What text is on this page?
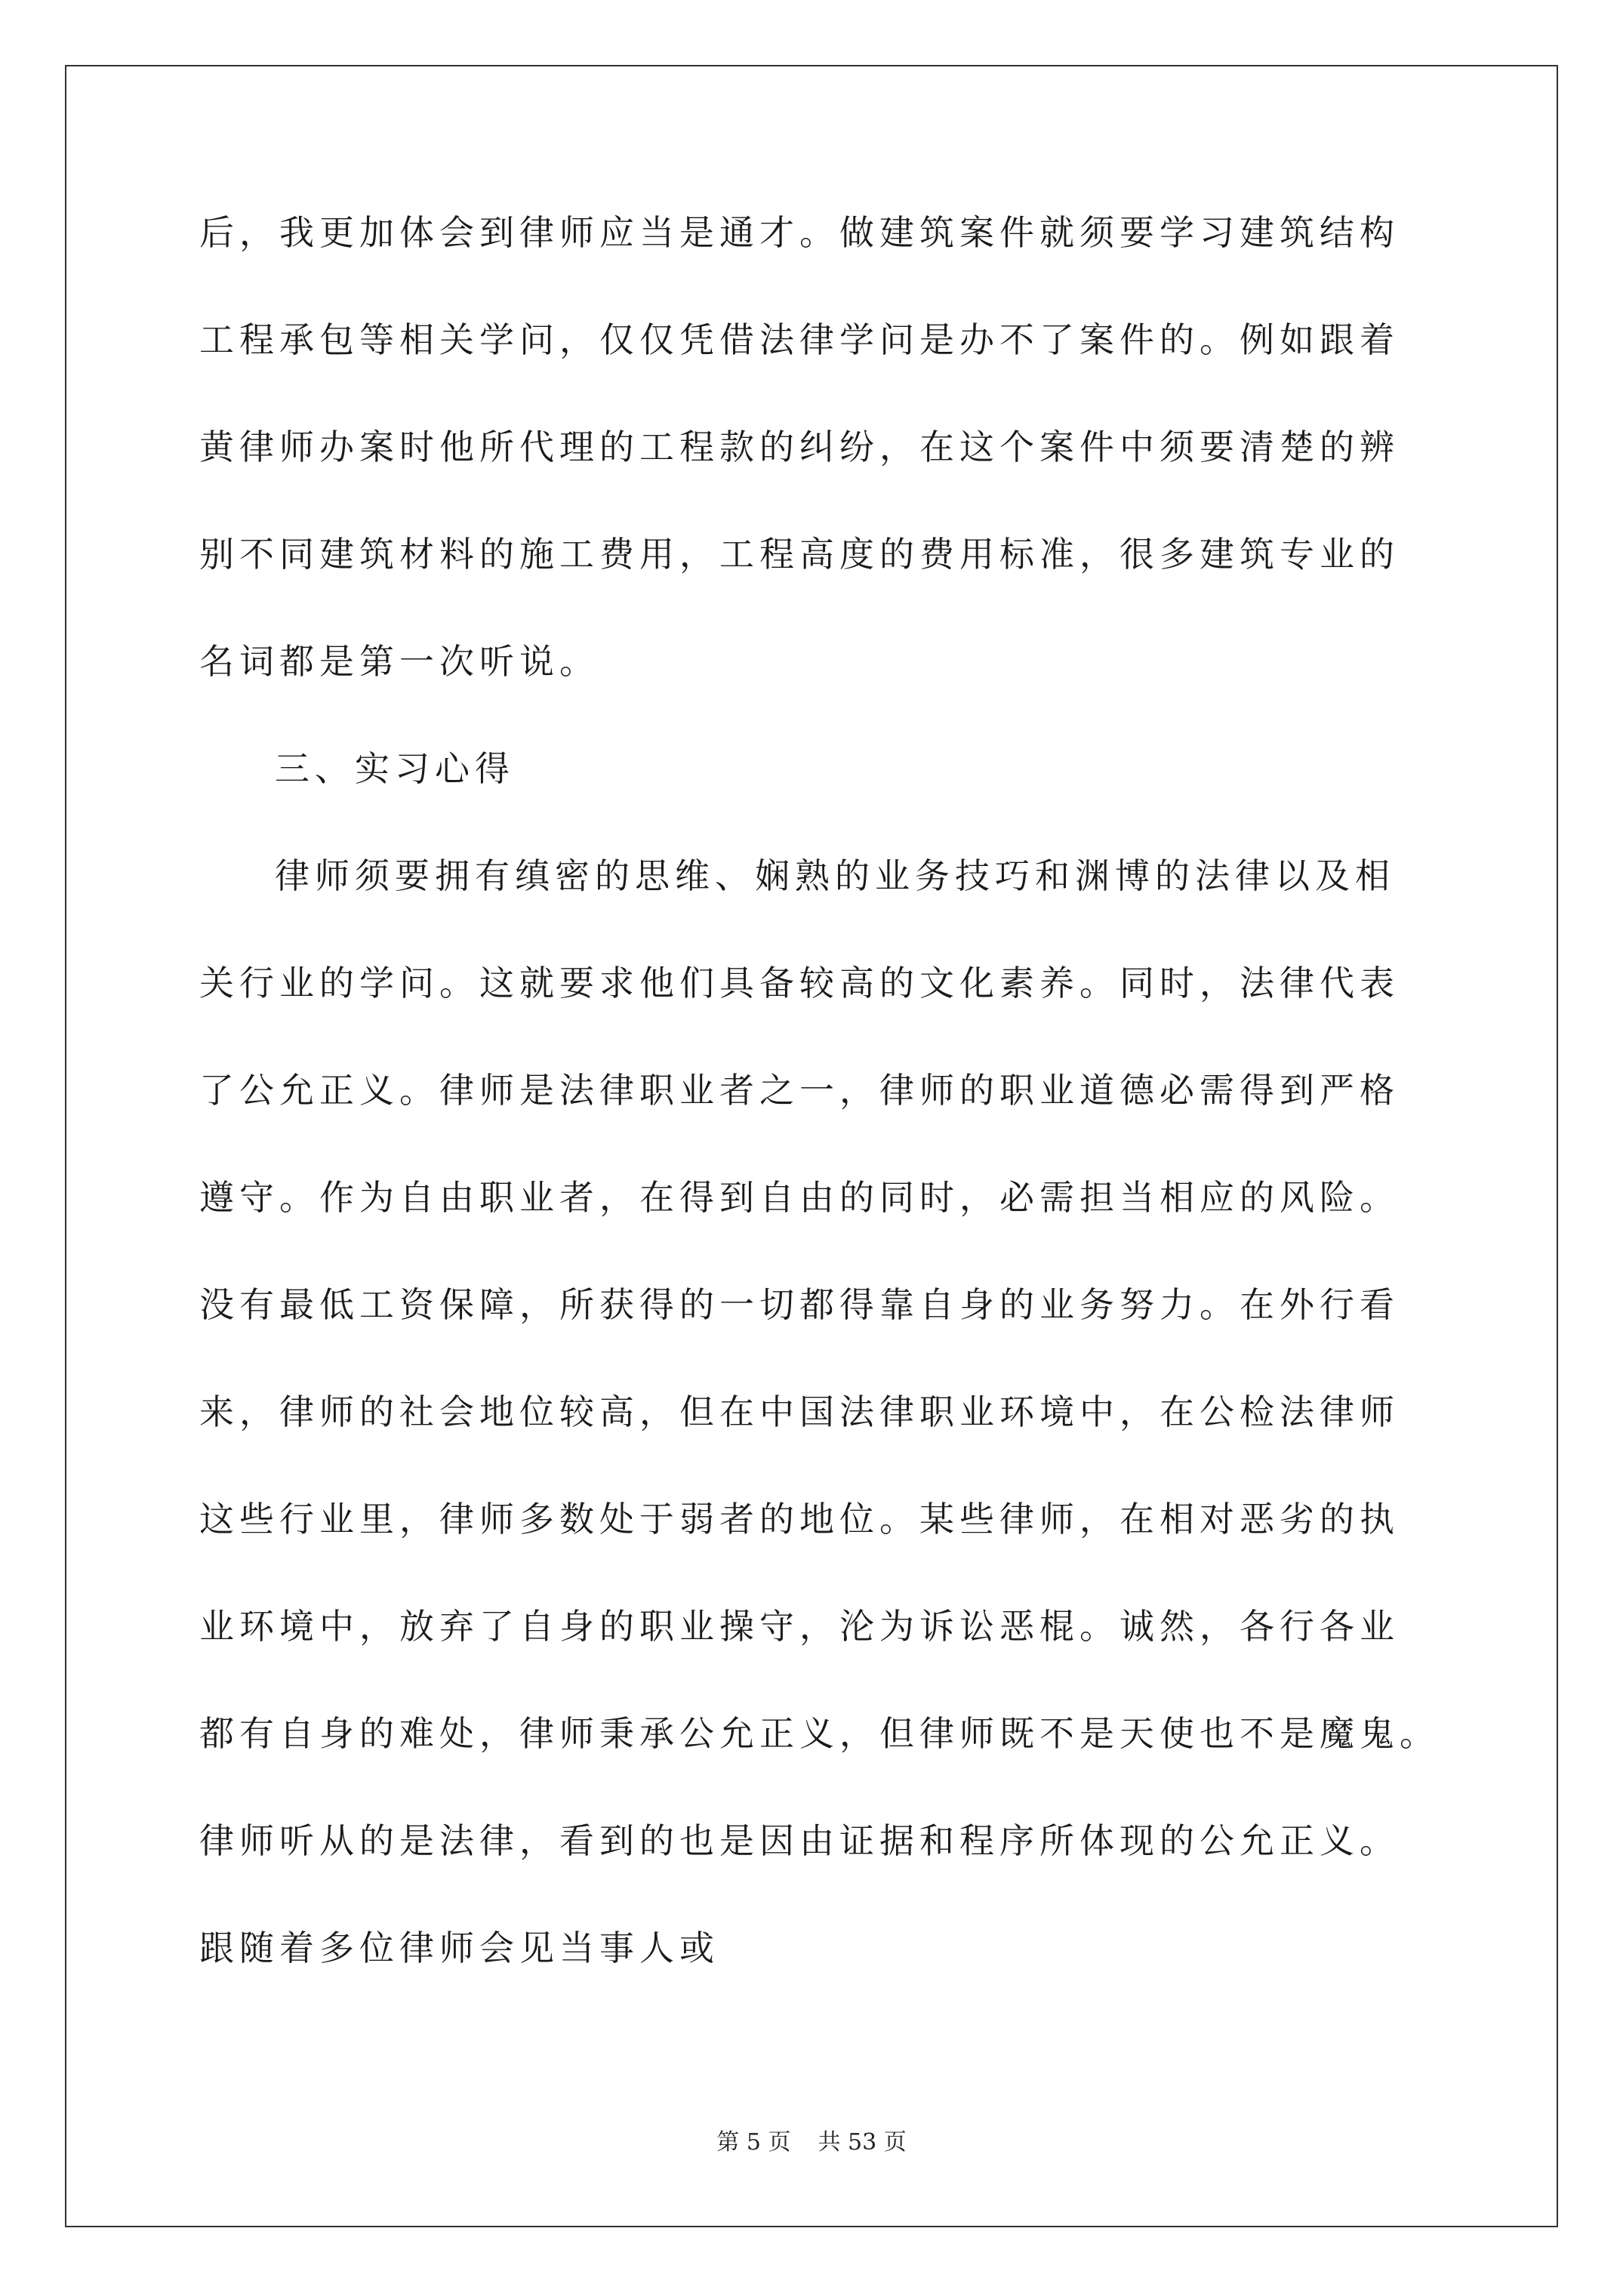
后，我更加体会到律师应当是通才。做建筑案件就须要学习建筑结构
工程承包等相关学问，仅仅凭借法律学问是办不了案件的。例如跟着
黄律师办案时他所代理的工程款的纠纷，在这个案件中须要清楚的辨
别不同建筑材料的施工费用，工程高度的费用标准，很多建筑专业的
名词都是第一次听说。
三、实习心得
律师须要拥有缜密的思维、娴熟的业务技巧和渊博的法律以及相
关行业的学问。这就要求他们具备较高的文化素养。同时，法律代表
了公允正义。律师是法律职业者之一，律师的职业道德必需得到严格
遵守。作为自由职业者，在得到自由的同时，必需担当相应的风险。
没有最低工资保障，所获得的一切都得靠自身的业务努力。在外行看
来，律师的社会地位较高，但在中国法律职业环境中，在公检法律师
这些行业里，律师多数处于弱者的地位。某些律师，在相对恶劣的执
业环境中，放弃了自身的职业操守，沦为诉讼恶棍。诚然，各行各业
都有自身的难处，律师秉承公允正义，但律师既不是天使也不是魔鬼。
律师听从的是法律，看到的也是因由证据和程序所体现的公允正义。
跟随着多位律师会见当事人或
第 5 页 共 53 页
